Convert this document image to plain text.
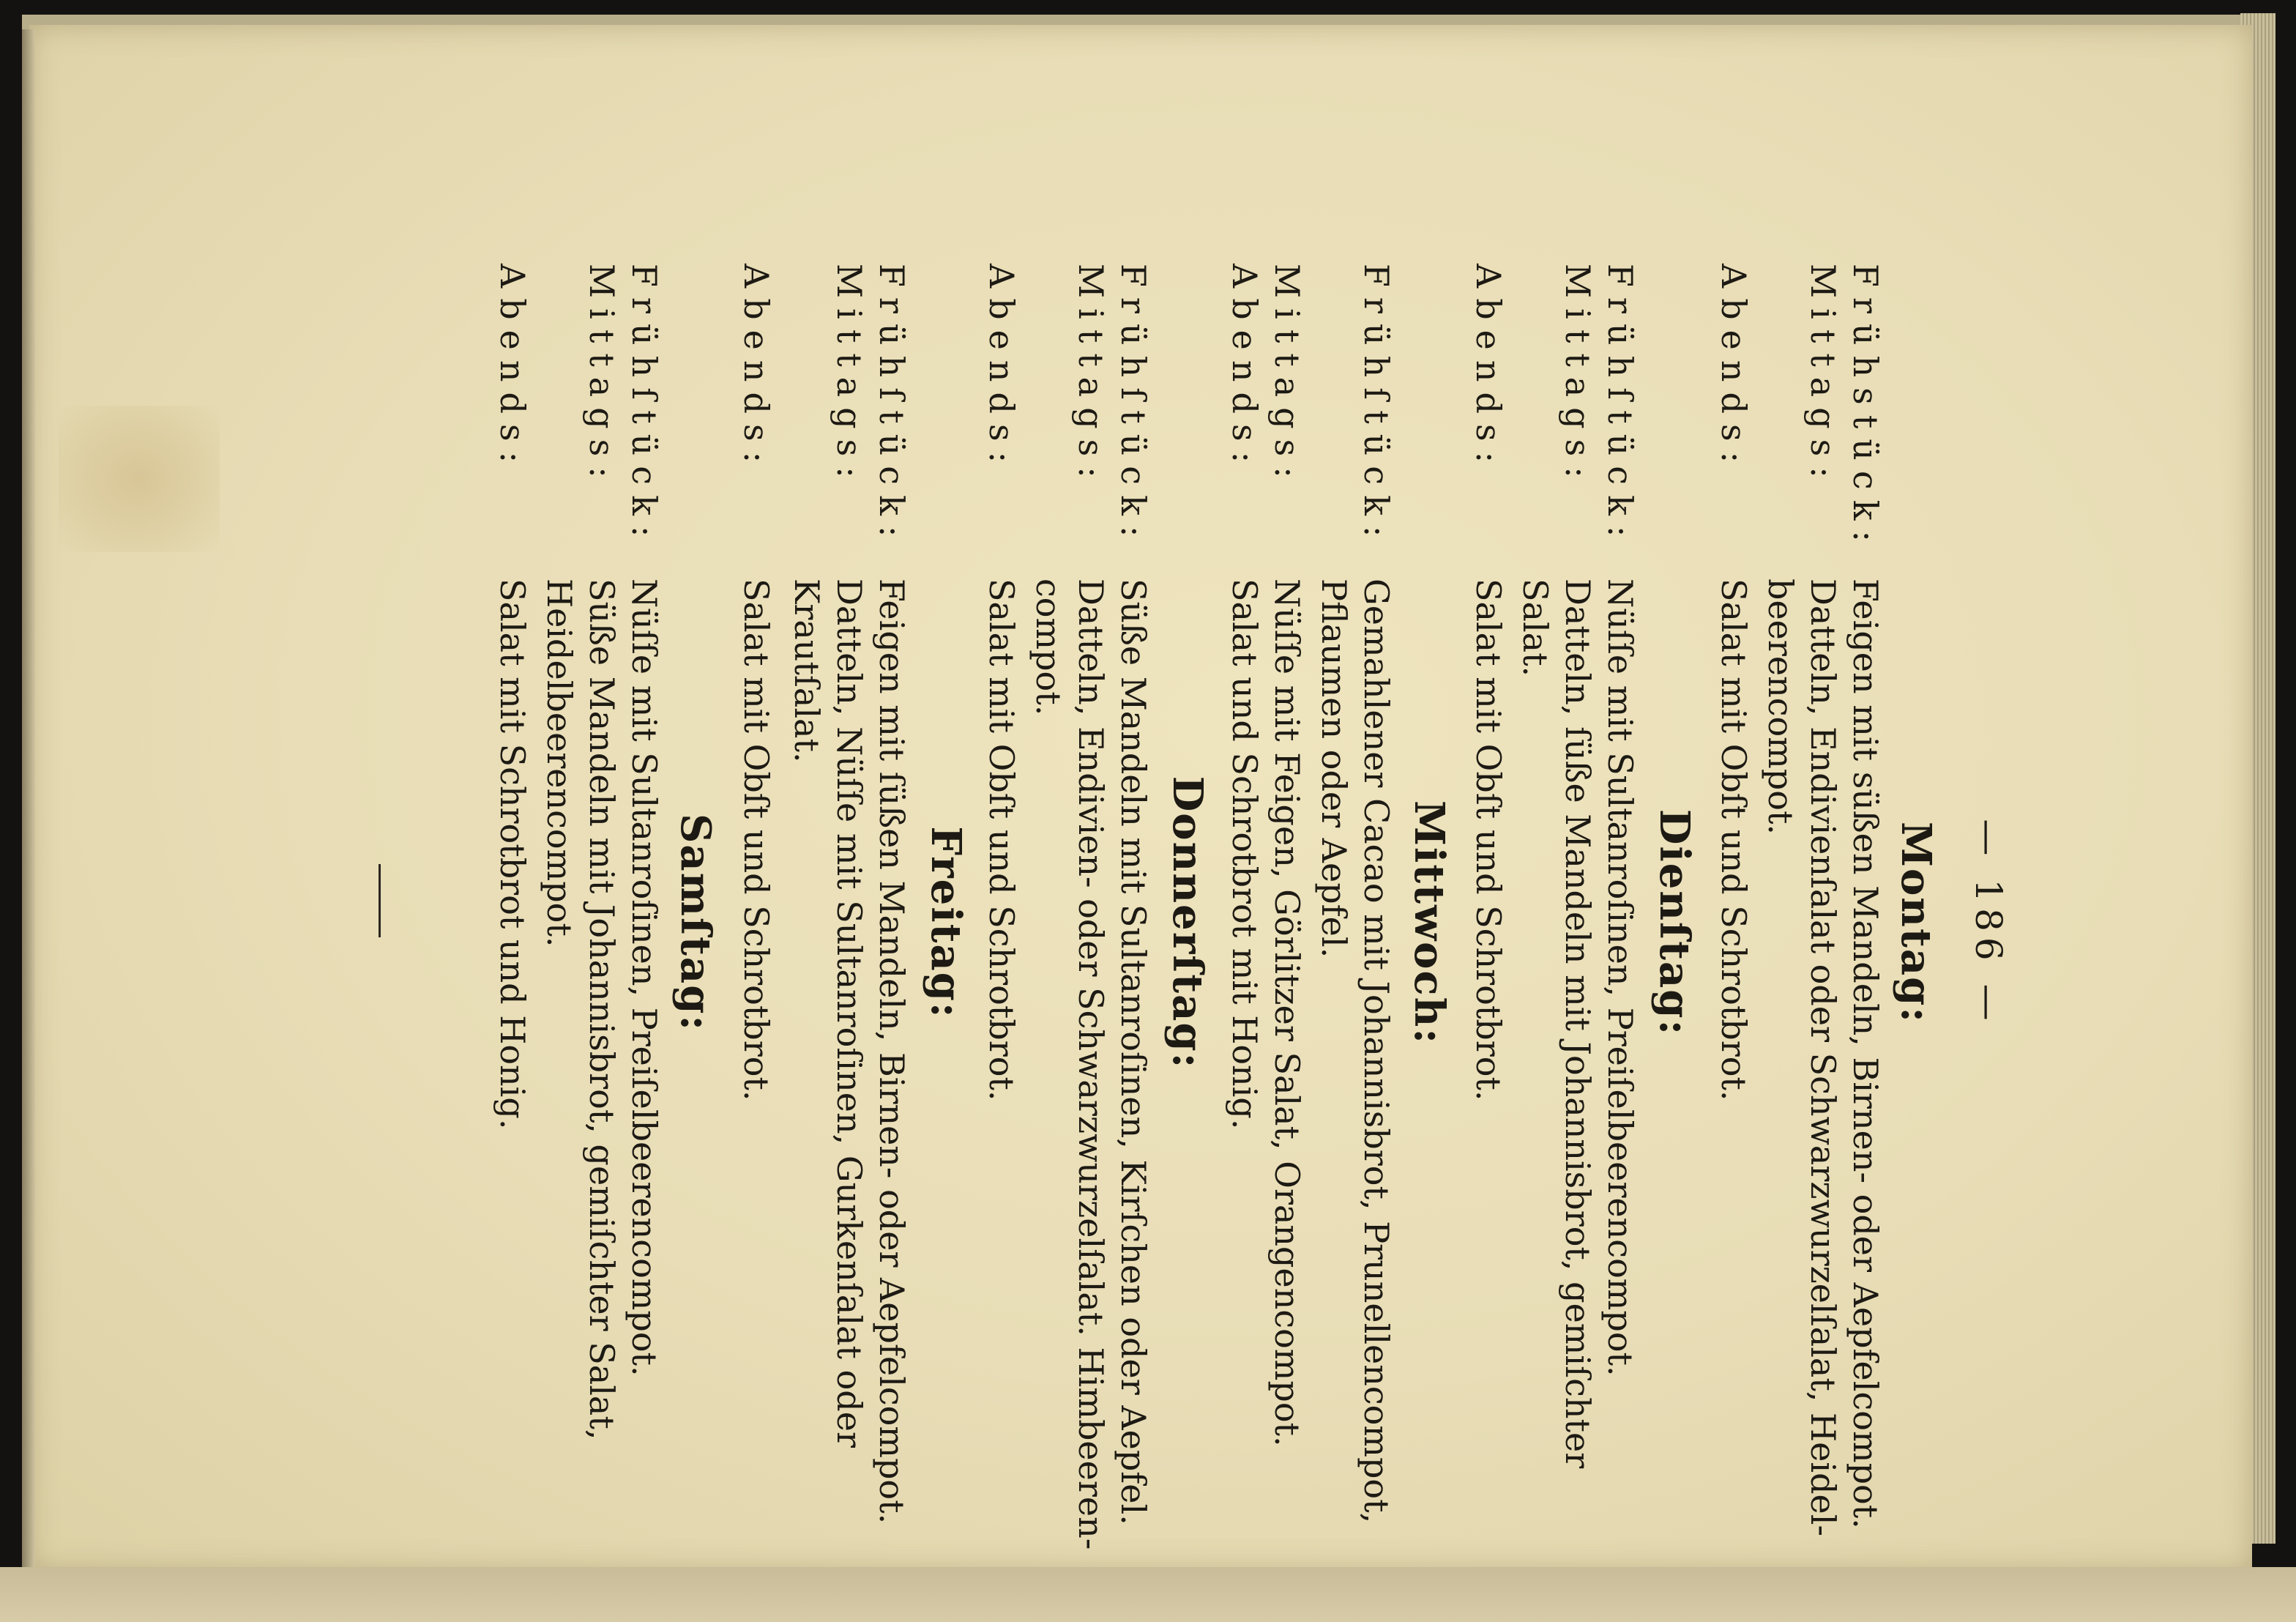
— 186 —
Montag:
Frühstück:
Feigen mit süßen Mandeln, Birnen- oder Aepfelcompot.
Mittags:
Datteln, Endivienſalat oder Schwarzwurzelſalat, Heidel-
beerencompot.
Abends:
Salat mit Obſt und Schrotbrot.
Dienſtag:
Frühſtück:
Nüſſe mit Sultanroſinen, Preiſelbeerencompot.
Mittags:
Datteln, ſüße Mandeln mit Johannisbrot, gemiſchter
Salat.
Abends:
Salat mit Obſt und Schrotbrot.
Mittwoch:
Frühſtück:
Gemahlener Cacao mit Johannisbrot, Prunellencompot,
Pflaumen oder Aepfel.
Mittags:
Nüſſe mit Feigen, Görlitzer Salat, Orangencompot.
Abends:
Salat und Schrotbrot mit Honig.
Donnerſtag:
Frühſtück:
Süße Mandeln mit Sultanroſinen, Kirſchen oder Aepfel.
Mittags:
Datteln, Endivien- oder Schwarzwurzelſalat. Himbeeren-
compot.
Abends:
Salat mit Obſt und Schrotbrot.
Freitag:
Frühſtück:
Feigen mit ſüßen Mandeln, Birnen- oder Aepfelcompot.
Mittags:
Datteln, Nüſſe mit Sultanroſinen, Gurkenſalat oder
Krautſalat.
Abends:
Salat mit Obſt und Schrotbrot.
Samſtag:
Frühſtück:
Nüſſe mit Sultanroſinen, Preiſelbeerencompot.
Mittags:
Süße Mandeln mit Johannisbrot, gemiſchter Salat,
Heidelbeerencompot.
Abends:
Salat mit Schrotbrot und Honig.
